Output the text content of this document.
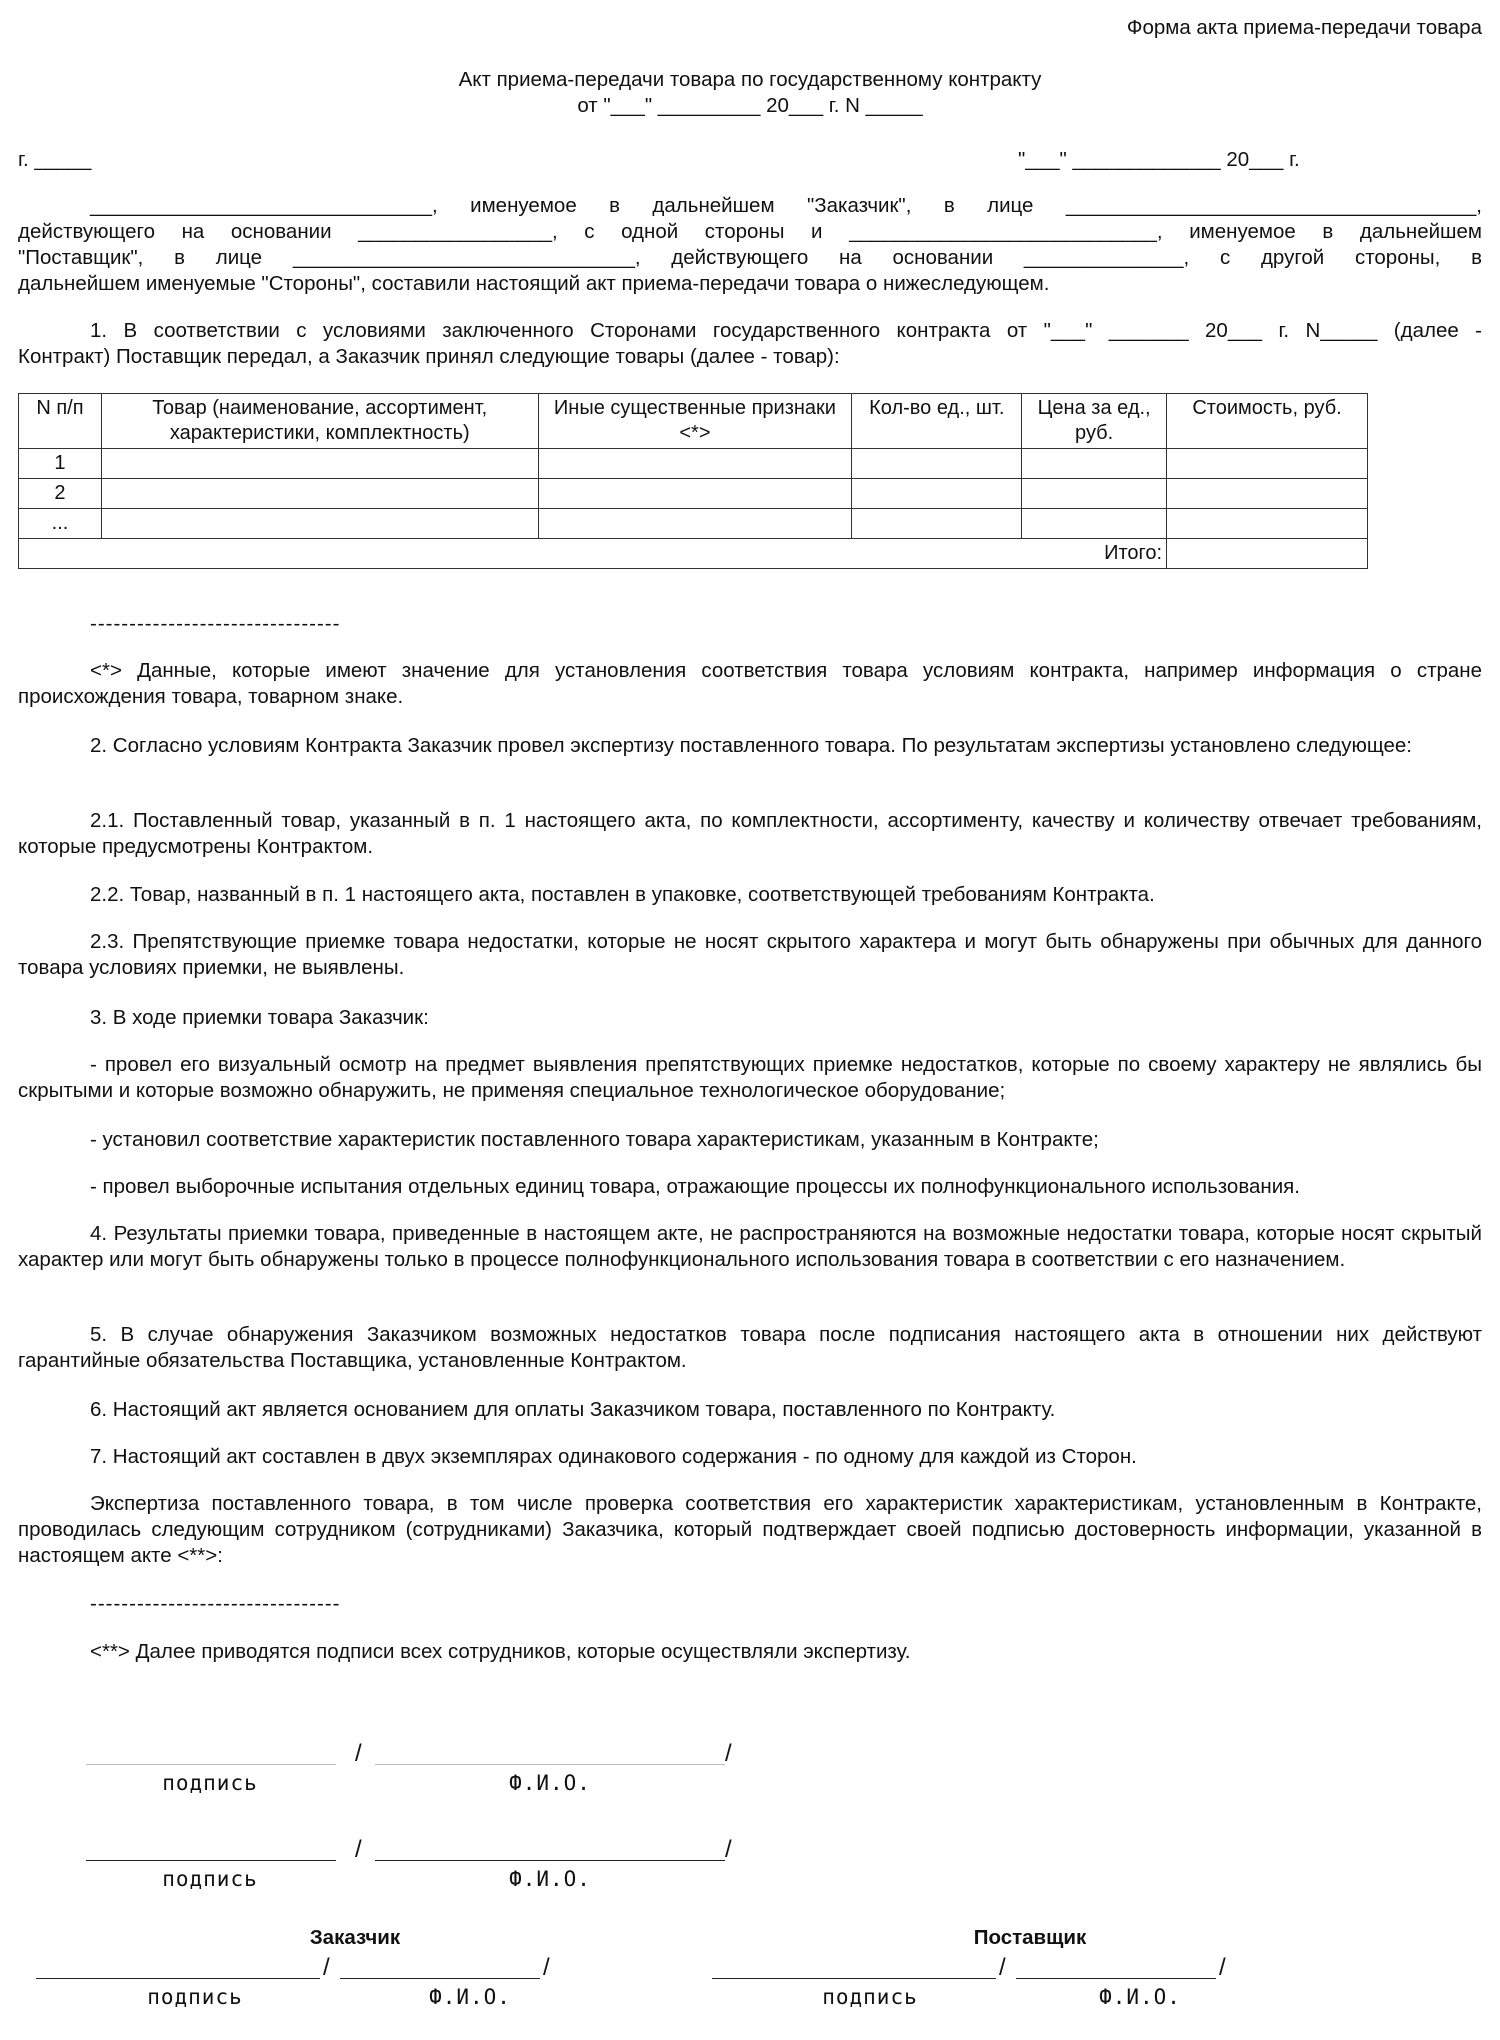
Форма акта приема-передачи товара
Акт приема-передачи товара по государственному контракту
от "___" _________ 20___ г. N _____
г. _____	"___" _____________ 20___ г.
______________________________, именуемое в дальнейшем "Заказчик", в лице ____________________________________,
действующего на основании _________________, с одной стороны и ___________________________, именуемое в дальнейшем
"Поставщик", в лице ______________________________, действующего на основании ______________, с другой стороны, в
дальнейшем именуемые "Стороны", составили настоящий акт приема-передачи товара о нижеследующем.
1. В соответствии с условиями заключенного Сторонами государственного контракта от "___" _______ 20___ г. N_____ (далее -
Контракт) Поставщик передал, а Заказчик принял следующие товары (далее - товар):
N п/п	Товар (наименование, ассортимент, характеристики, комплектность)	Иные существенные признаки <*>	Кол-во ед., шт.	Цена за ед., руб.	Стоимость, руб.
1					
2					
...					
Итого:					
--------------------------------
<*> Данные, которые имеют значение для установления соответствия товара условиям контракта, например информация о стране происхождения товара, товарном знаке.
2. Согласно условиям Контракта Заказчик провел экспертизу поставленного товара. По результатам экспертизы установлено следующее:
2.1. Поставленный товар, указанный в п. 1 настоящего акта, по комплектности, ассортименту, качеству и количеству отвечает требованиям, которые предусмотрены Контрактом.
2.2. Товар, названный в п. 1 настоящего акта, поставлен в упаковке, соответствующей требованиям Контракта.
2.3. Препятствующие приемке товара недостатки, которые не носят скрытого характера и могут быть обнаружены при обычных для данного товара условиях приемки, не выявлены.
3. В ходе приемки товара Заказчик:
- провел его визуальный осмотр на предмет выявления препятствующих приемке недостатков, которые по своему характеру не являлись бы скрытыми и которые возможно обнаружить, не применяя специальное технологическое оборудование;
- установил соответствие характеристик поставленного товара характеристикам, указанным в Контракте;
- провел выборочные испытания отдельных единиц товара, отражающие процессы их полнофункционального использования.
4. Результаты приемки товара, приведенные в настоящем акте, не распространяются на возможные недостатки товара, которые носят скрытый характер или могут быть обнаружены только в процессе полнофункционального использования товара в соответствии с его назначением.
5. В случае обнаружения Заказчиком возможных недостатков товара после подписания настоящего акта в отношении них действуют гарантийные обязательства Поставщика, установленные Контрактом.
6. Настоящий акт является основанием для оплаты Заказчиком товара, поставленного по Контракту.
7. Настоящий акт составлен в двух экземплярах одинакового содержания - по одному для каждой из Сторон.
Экспертиза поставленного товара, в том числе проверка соответствия его характеристик характеристикам, установленным в Контракте, проводилась следующим сотрудником (сотрудниками) Заказчика, который подтверждает своей подписью достоверность информации, указанной в настоящем акте <**>:
--------------------------------
<**> Далее приводятся подписи всех сотрудников, которые осуществляли экспертизу.
/	/
подпись	Ф.И.О.
/	/
подпись	Ф.И.О.
Заказчик	Поставщик
/	/
подпись	Ф.И.О.
/	/
подпись	Ф.И.О.
